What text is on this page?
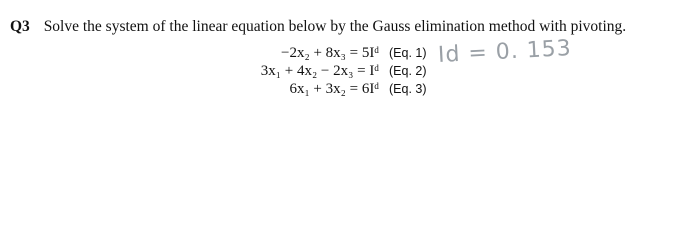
Q3 Solve the system of the linear equation below by the Gauss elimination method with pivoting.
−2x₂ + 8x₃ = 5Iᵈ (Eq. 1)
3x₁ + 4x₂ − 2x₃ = Iᵈ (Eq. 2)
6x₁ + 3x₂ = 6Iᵈ (Eq. 3)
Id = 0. 153
